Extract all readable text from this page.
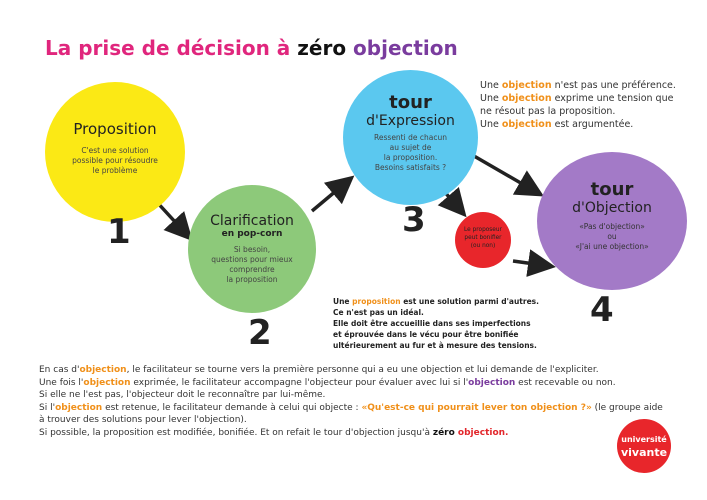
La prise de décision à zéro objection
Proposition
C'est une solution
possible pour résoudre
le problème
1	Clarification
en pop-corn
Si besoin,
questions pour mieux
comprendre
la proposition
2
tour
d'Expression
Ressenti de chacun
au sujet de
la proposition.
Besoins satisfaits ?
3	Le proposeur
peut bonifier
(ou non)
tour
d'Objection
«Pas d'objection»
ou
«J'ai une objection»
4
Une objection n'est pas une préférence.
Une objection exprime une tension que
ne résout pas la proposition.
Une objection est argumentée.
Une proposition est une solution parmi d'autres.
Ce n'est pas un idéal.
Elle doit être accueillie dans ses imperfections
et éprouvée dans le vécu pour être bonifiée
ultérieurement au fur et à mesure des tensions.
En cas d'objection, le facilitateur se tourne vers la première personne qui a eu une objection et lui demande de l'expliciter.
Une fois l'objection exprimée, le facilitateur accompagne l'objecteur pour évaluer avec lui si l'objection est recevable ou non.
Si elle ne l'est pas, l'objecteur doit le reconnaître par lui-même.
Si l'objection est retenue, le facilitateur demande à celui qui objecte : «Qu'est-ce qui pourrait lever ton objection ?» (le groupe aide
à trouver des solutions pour lever l'objection).
Si possible, la proposition est modifiée, bonifiée. Et on refait le tour d'objection jusqu'à zéro objection.
université
vivante
